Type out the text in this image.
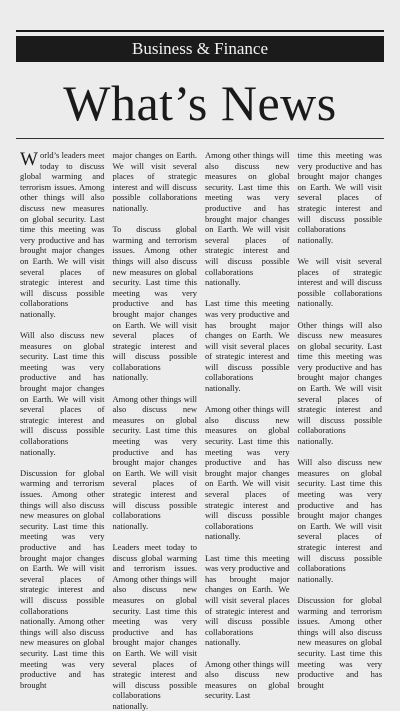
Business & Finance
What’s News

World’s leaders meet today to discuss global warming and terrorism issues. Among other things will also discuss new measures on global security. Last time this meeting was very productive and has brought major changes on Earth. We will visit several places of strategic interest and will discuss possible collaborations nationally.

Will also discuss new measures on global security. Last time this meeting was very productive and has brought major changes on Earth. We will visit several places of strategic interest and will discuss possible collaborations nationally.

Discussion for global warming and terrorism issues. Among other things will also discuss new measures on global security. Last time this meeting was very productive and has brought major changes on Earth. We will visit several places of strategic interest and will discuss possible collaborations nationally. Among other things will also discuss new measures on global security. Last time this meeting was very productive and has brought

major changes on Earth. We will visit several places of strategic interest and will discuss possible collaborations nationally.

To discuss global warming and terrorism issues. Among other things will also discuss new measures on global security. Last time this meeting was very productive and has brought major changes on Earth. We will visit several places of strategic interest and will discuss possible collaborations nationally.

Among other things will also discuss new measures on global security. Last time this meeting was very productive and has brought major changes on Earth. We will visit several places of strategic interest and will discuss possible collaborations nationally.

Leaders meet today to discuss global warming and terrorism issues. Among other things will also discuss new measures on global security. Last time this meeting was very productive and has brought major changes on Earth. We will visit several places of strategic interest and will discuss possible collaborations nationally.

Among other things will also discuss new measures on global security. Last time this meeting was very productive and has brought major changes on Earth. We will visit several places of strategic interest and will discuss possible collaborations nationally.

Last time this meeting was very productive and has brought major changes on Earth. We will visit several places of strategic interest and will discuss possible collaborations nationally.

Among other things will also discuss new measures on global security. Last time this meeting was very productive and has brought major changes on Earth. We will visit several places of strategic interest and will discuss possible collaborations nationally.

Last time this meeting was very productive and has brought major changes on Earth. We will visit several places of strategic interest and will discuss possible collaborations nationally.

Among other things will also discuss new measures on global security. Last

time this meeting was very productive and has brought major changes on Earth. We will visit several places of strategic interest and will discuss possible collaborations nationally.

We will visit several places of strategic interest and will discuss possible collaborations nationally.

Other things will also discuss new measures on global security. Last time this meeting was very productive and has brought major changes on Earth. We will visit several places of strategic interest and will discuss possible collaborations nationally.

Will also discuss new measures on global security. Last time this meeting was very productive and has brought major changes on Earth. We will visit several places of strategic interest and will discuss possible collaborations nationally.

Discussion for global warming and terrorism issues. Among other things will also discuss new measures on global security. Last time this meeting was very productive and has brought
